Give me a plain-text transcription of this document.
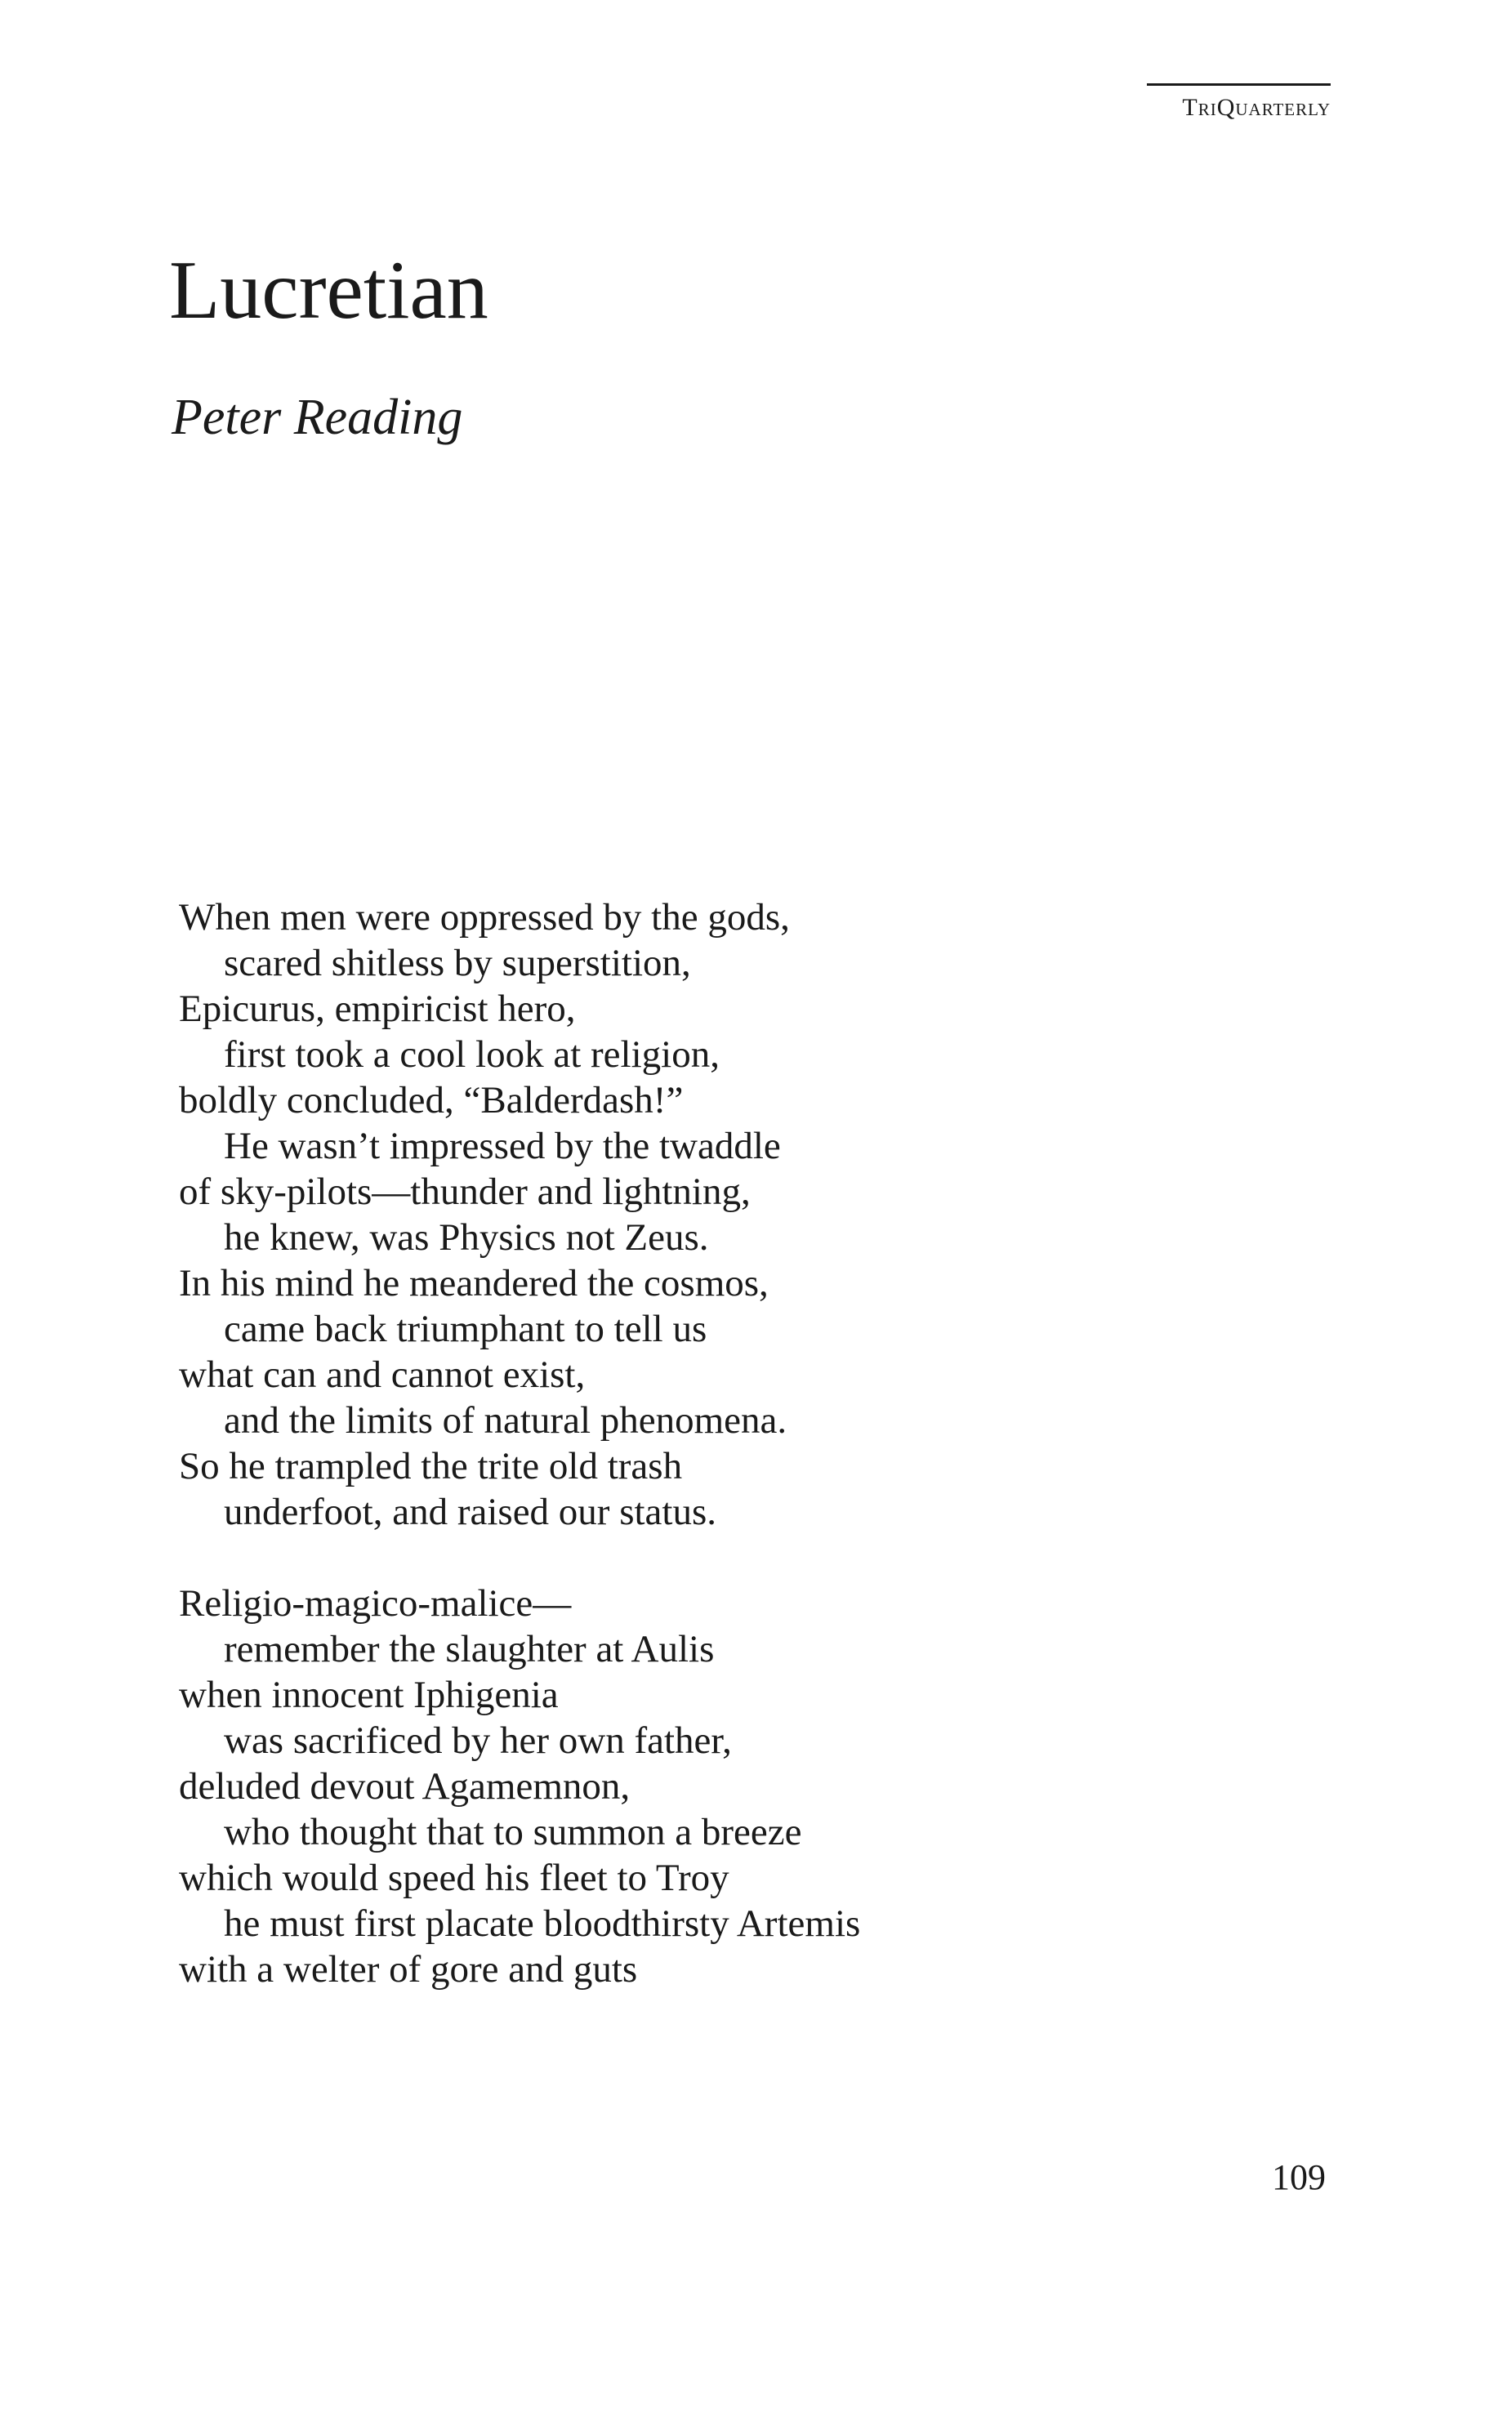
TriQuarterly
Lucretian
Peter Reading

When men were oppressed by the gods,
scared shitless by superstition,
Epicurus, empiricist hero,
first took a cool look at religion,
boldly concluded, “Balderdash!”
He wasn’t impressed by the twaddle
of sky-pilots—thunder and lightning,
he knew, was Physics not Zeus.
In his mind he meandered the cosmos,
came back triumphant to tell us
what can and cannot exist,
and the limits of natural phenomena.
So he trampled the trite old trash
underfoot, and raised our status.

Religio-magico-malice—
remember the slaughter at Aulis
when innocent Iphigenia
was sacrificed by her own father,
deluded devout Agamemnon,
who thought that to summon a breeze
which would speed his fleet to Troy
he must first placate bloodthirsty Artemis
with a welter of gore and guts

109
